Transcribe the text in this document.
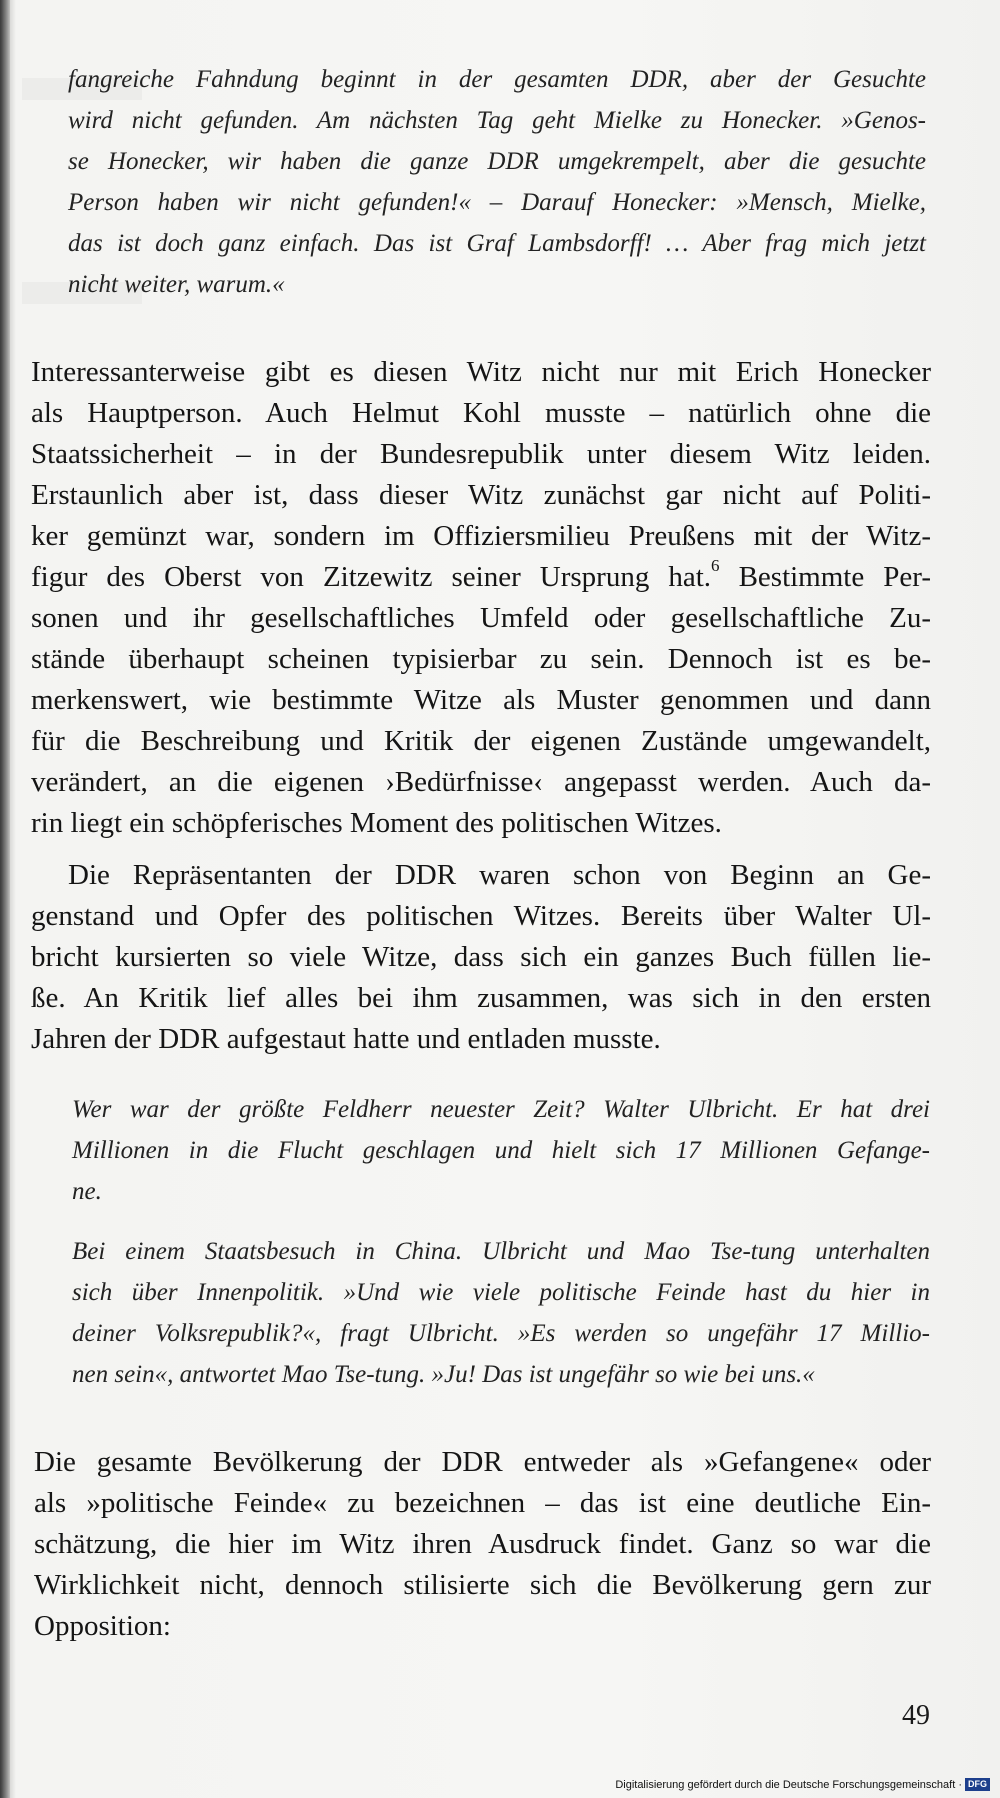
fangreiche Fahndung beginnt in der gesamten DDR, aber der Gesuchte
wird nicht gefunden. Am nächsten Tag geht Mielke zu Honecker. »Genos-
se Honecker, wir haben die ganze DDR umgekrempelt, aber die gesuchte
Person haben wir nicht gefunden!« – Darauf Honecker: »Mensch, Mielke,
das ist doch ganz einfach. Das ist Graf Lambsdorff! … Aber frag mich jetzt
nicht weiter, warum.«
Interessanterweise gibt es diesen Witz nicht nur mit Erich Honecker
als Hauptperson. Auch Helmut Kohl musste – natürlich ohne die
Staatssicherheit – in der Bundesrepublik unter diesem Witz leiden.
Erstaunlich aber ist, dass dieser Witz zunächst gar nicht auf Politi-
ker gemünzt war, sondern im Offiziersmilieu Preußens mit der Witz-
figur des Oberst von Zitzewitz seiner Ursprung hat.$^6$ Bestimmte Per-
sonen und ihr gesellschaftliches Umfeld oder gesellschaftliche Zu-
stände überhaupt scheinen typisierbar zu sein. Dennoch ist es be-
merkenswert, wie bestimmte Witze als Muster genommen und dann
für die Beschreibung und Kritik der eigenen Zustände umgewandelt,
verändert, an die eigenen ›Bedürfnisse‹ angepasst werden. Auch da-
rin liegt ein schöpferisches Moment des politischen Witzes.
Die Repräsentanten der DDR waren schon von Beginn an Ge-
genstand und Opfer des politischen Witzes. Bereits über Walter Ul-
bricht kursierten so viele Witze, dass sich ein ganzes Buch füllen lie-
ße. An Kritik lief alles bei ihm zusammen, was sich in den ersten
Jahren der DDR aufgestaut hatte und entladen musste.
Wer war der größte Feldherr neuester Zeit? Walter Ulbricht. Er hat drei
Millionen in die Flucht geschlagen und hielt sich 17 Millionen Gefange-
ne.
Bei einem Staatsbesuch in China. Ulbricht und Mao Tse-tung unterhalten
sich über Innenpolitik. »Und wie viele politische Feinde hast du hier in
deiner Volksrepublik?«, fragt Ulbricht. »Es werden so ungefähr 17 Millio-
nen sein«, antwortet Mao Tse-tung. »Ju! Das ist ungefähr so wie bei uns.«
Die gesamte Bevölkerung der DDR entweder als »Gefangene« oder
als »politische Feinde« zu bezeichnen – das ist eine deutliche Ein-
schätzung, die hier im Witz ihren Ausdruck findet. Ganz so war die
Wirklichkeit nicht, dennoch stilisierte sich die Bevölkerung gern zur
Opposition:
49
Digitalisierung gefördert durch die Deutsche Forschungsgemeinschaft · DFG
